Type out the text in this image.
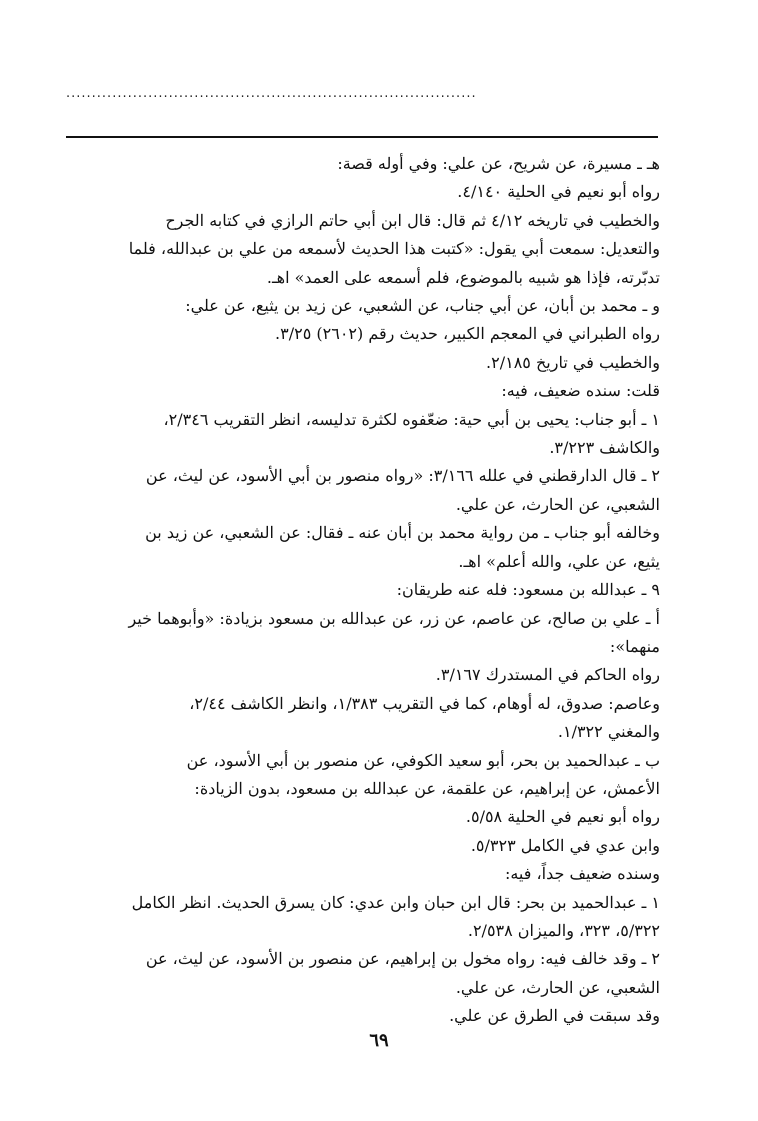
................................................................................

هـ ـ مسيرة، عن شريح، عن علي: وفي أوله قصة:

رواه أبو نعيم في الحلية ٤/١٤٠.

والخطيب في تاريخه ٤/١٢ ثم قال: قال ابن أبي حاتم الرازي في كتابه الجرح

والتعديل: سمعت أبي يقول: «كتبت هذا الحديث لأسمعه من علي بن عبدالله، فلما

تدبّرته، فإذا هو شبيه بالموضوع، فلم أسمعه على العمد» اهـ.

و ـ محمد بن أبان، عن أبي جناب، عن الشعبي، عن زيد بن يثيع، عن علي:

رواه الطبراني في المعجم الكبير، حديث رقم (٢٦٠٢) ٣/٢٥.

والخطيب في تاريخ ٢/١٨٥.

قلت: سنده ضعيف، فيه:

١ ـ أبو جناب: يحيى بن أبي حية: ضعّفوه لكثرة تدليسه، انظر التقريب ٢/٣٤٦،

والكاشف ٣/٢٢٣.

٢ ـ قال الدارقطني في علله ٣/١٦٦: «رواه منصور بن أبي الأسود، عن ليث، عن

الشعبي، عن الحارث، عن علي.

وخالفه أبو جناب ـ من رواية محمد بن أبان عنه ـ فقال: عن الشعبي، عن زيد بن

يثيع، عن علي، والله أعلم» اهـ.

٩ ـ عبدالله بن مسعود: فله عنه طريقان:

أ ـ علي بن صالح، عن عاصم، عن زر، عن عبدالله بن مسعود بزيادة: «وأبوهما خير

منهما»:

رواه الحاكم في المستدرك ٣/١٦٧.

وعاصم: صدوق، له أوهام، كما في التقريب ١/٣٨٣، وانظر الكاشف ٢/٤٤،

والمغني ١/٣٢٢.

ب ـ عبدالحميد بن بحر، أبو سعيد الكوفي، عن منصور بن أبي الأسود، عن

الأعمش، عن إبراهيم، عن علقمة، عن عبدالله بن مسعود، بدون الزيادة:

رواه أبو نعيم في الحلية ٥/٥٨.

وابن عدي في الكامل ٥/٣٢٣.

وسنده ضعيف جداً، فيه:

١ ـ عبدالحميد بن بحر: قال ابن حبان وابن عدي: كان يسرق الحديث. انظر الكامل

٥/٣٢٢، ٣٢٣، والميزان ٢/٥٣٨.

٢ ـ وقد خالف فيه: رواه مخول بن إبراهيم، عن منصور بن الأسود، عن ليث، عن

الشعبي، عن الحارث، عن علي.

وقد سبقت في الطرق عن علي.

٦٩
